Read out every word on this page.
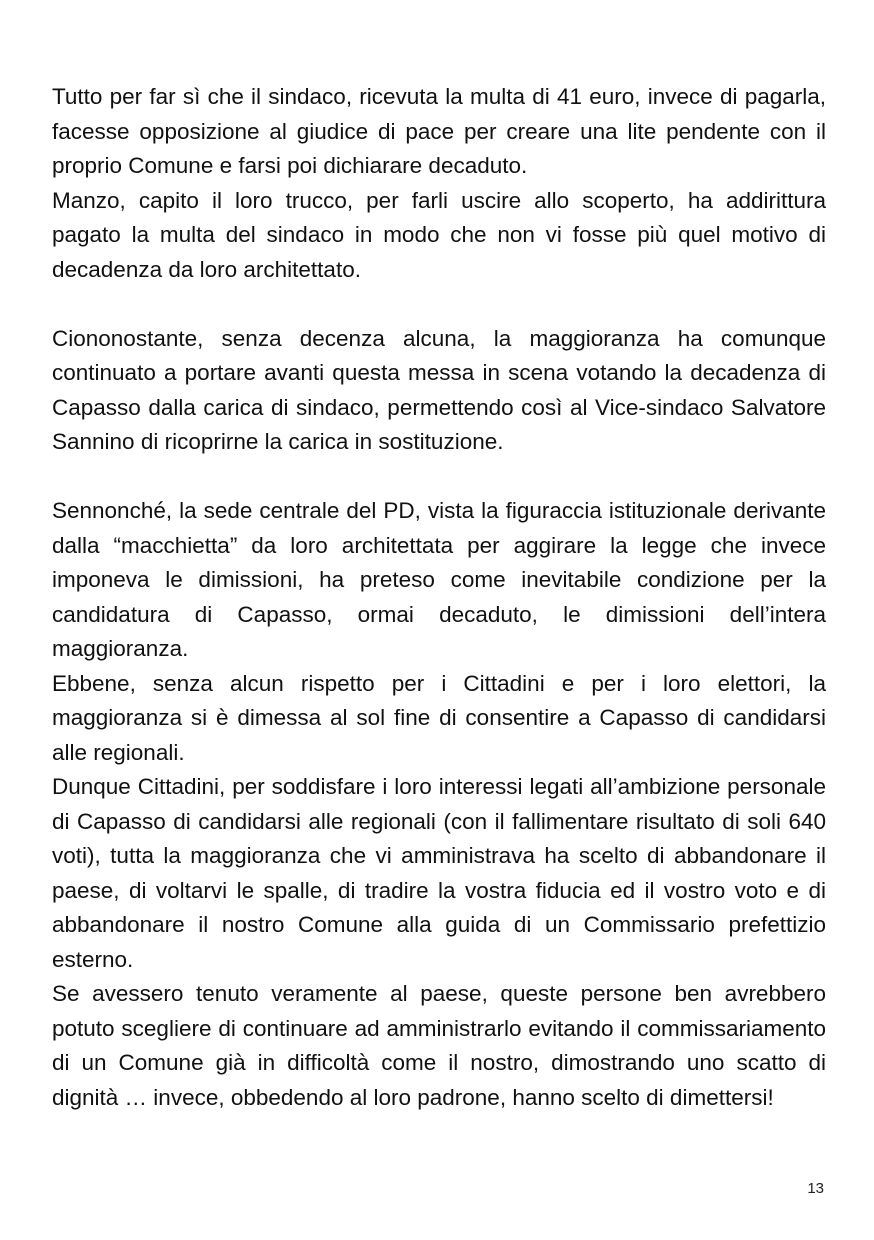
Tutto per far sì che il sindaco, ricevuta la multa di 41 euro, invece di pagarla, facesse opposizione al giudice di pace per creare una lite pendente con il proprio Comune e farsi poi dichiarare decaduto.

Manzo, capito il loro trucco, per farli uscire allo scoperto, ha addirittura pagato la multa del sindaco in modo che non vi fosse più quel motivo di decadenza da loro architettato.

Ciononostante, senza decenza alcuna, la maggioranza ha comunque continuato a portare avanti questa messa in scena votando la decadenza di Capasso dalla carica di sindaco, permettendo così al Vice-sindaco Salvatore Sannino di ricoprirne la carica in sostituzione.

Sennonché, la sede centrale del PD, vista la figuraccia istituzionale derivante dalla “macchietta” da loro architettata per aggirare la legge che invece imponeva le dimissioni, ha preteso come inevitabile condizione per la candidatura di Capasso, ormai decaduto, le dimissioni dell’intera maggioranza.

Ebbene, senza alcun rispetto per i Cittadini e per i loro elettori, la maggioranza si è dimessa al sol fine di consentire a Capasso di candidarsi alle regionali.

Dunque Cittadini, per soddisfare i loro interessi legati all’ambizione personale di Capasso di candidarsi alle regionali (con il fallimentare risultato di soli 640 voti), tutta la maggioranza che vi amministrava ha scelto di abbandonare il paese, di voltarvi le spalle, di tradire la vostra fiducia ed il vostro voto e di abbandonare il nostro Comune alla guida di un Commissario prefettizio esterno.

Se avessero tenuto veramente al paese, queste persone ben avrebbero potuto scegliere di continuare ad amministrarlo evitando il commissariamento di un Comune già in difficoltà come il nostro, dimostrando uno scatto di dignità … invece, obbedendo al loro padrone, hanno scelto di dimettersi!

13
